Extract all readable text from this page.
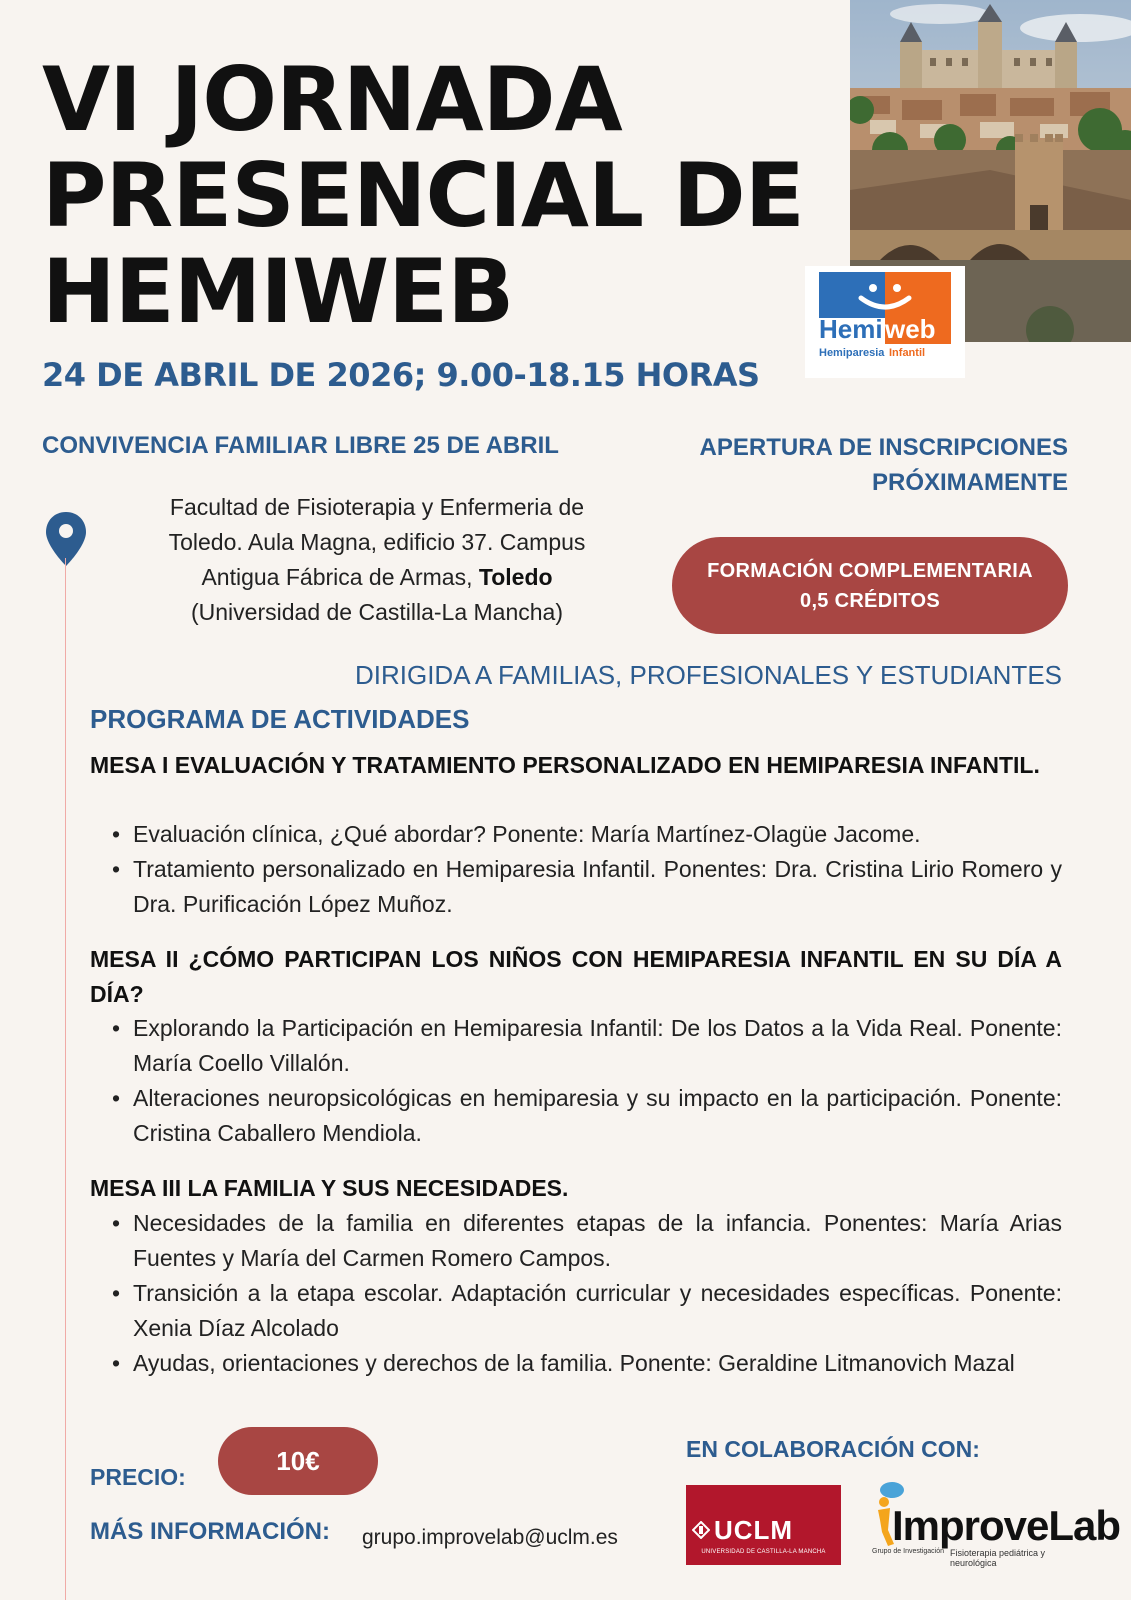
VI JORNADA
PRESENCIAL DE
HEMIWEB
24 DE ABRIL DE 2026; 9.00-18.15 HORAS
Hemi web
Hemiparesia Infantil
CONVIVENCIA FAMILIAR LIBRE 25 DE ABRIL	APERTURA DE INSCRIPCIONES
PRÓXIMAMENTE
Facultad de Fisioterapia y Enfermeria de
Toledo. Aula Magna, edificio 37. Campus
Antigua Fábrica de Armas, Toledo
(Universidad de Castilla-La Mancha)
FORMACIÓN COMPLEMENTARIA
0,5 CRÉDITOS
DIRIGIDA A FAMILIAS, PROFESIONALES Y ESTUDIANTES
PROGRAMA DE ACTIVIDADES
MESA I EVALUACIÓN Y TRATAMIENTO PERSONALIZADO EN HEMIPARESIA INFANTIL.
• Evaluación clínica, ¿Qué abordar? Ponente: María Martínez-Olagüe Jacome.
• Tratamiento personalizado en Hemiparesia Infantil. Ponentes: Dra. Cristina Lirio Romero y Dra. Purificación López Muñoz.
MESA II ¿CÓMO PARTICIPAN LOS NIÑOS CON HEMIPARESIA INFANTIL EN SU DÍA A DÍA?
• Explorando la Participación en Hemiparesia Infantil: De los Datos a la Vida Real. Ponente: María Coello Villalón.
• Alteraciones neuropsicológicas en hemiparesia y su impacto en la participación. Ponente: Cristina Caballero Mendiola.
MESA III LA FAMILIA Y SUS NECESIDADES.
• Necesidades de la familia en diferentes etapas de la infancia. Ponentes: María Arias Fuentes y María del Carmen Romero Campos.
• Transición a la etapa escolar. Adaptación curricular y necesidades específicas. Ponente: Xenia Díaz Alcolado
• Ayudas, orientaciones y derechos de la familia. Ponente: Geraldine Litmanovich Mazal
PRECIO:
10€
MÁS INFORMACIÓN: grupo.improvelab@uclm.es
EN COLABORACIÓN CON:
UCLM
UNIVERSIDAD DE CASTILLA-LA MANCHA
ImproveLab
Grupo de Investigación Fisioterapia pediátrica y neurológica
